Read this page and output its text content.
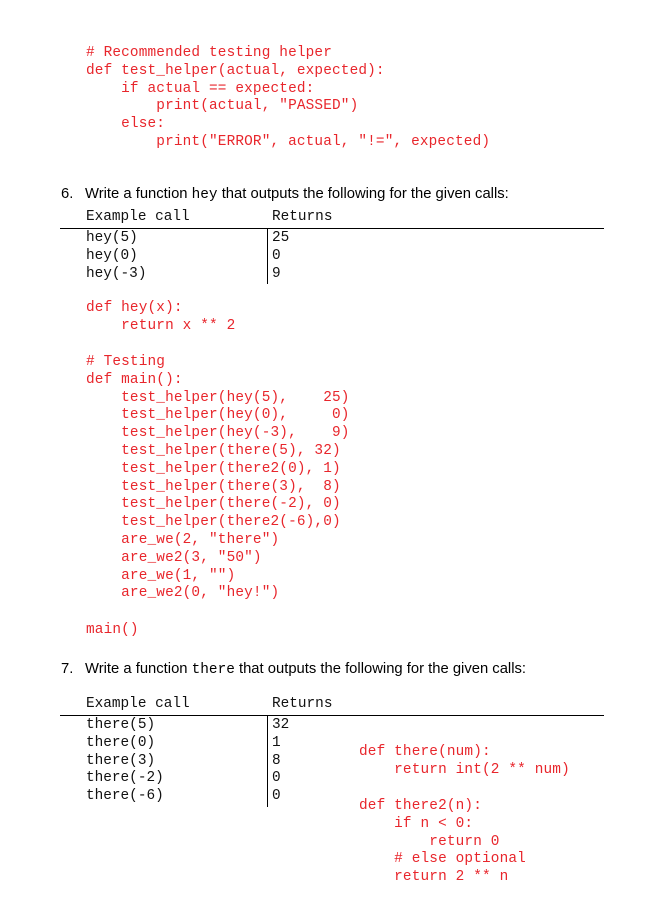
# Recommended testing helper
def test_helper(actual, expected):
if actual == expected:
print(actual, "PASSED")
else:
print("ERROR", actual, "!=", expected)
6. Write a function hey that outputs the following for the given calls:
Example call	Returns
hey(5)
hey(0)
hey(-3)
25
0
9
def hey(x):
return x ** 2
# Testing
def main():
test_helper(hey(5),    25)
test_helper(hey(0),     0)
test_helper(hey(-3),    9)
test_helper(there(5), 32)
test_helper(there2(0), 1)
test_helper(there(3),  8)
test_helper(there(-2), 0)
test_helper(there2(-6),0)
are_we(2, "there")
are_we2(3, "50")
are_we(1, "")
are_we2(0, "hey!")
main()
7. Write a function there that outputs the following for the given calls:
Example call	Returns
there(5)
there(0)
there(3)
there(-2)
there(-6)
32
1
8
0
0
def there(num):
return int(2 ** num)
def there2(n):
if n < 0:
return 0
# else optional
return 2 ** n
